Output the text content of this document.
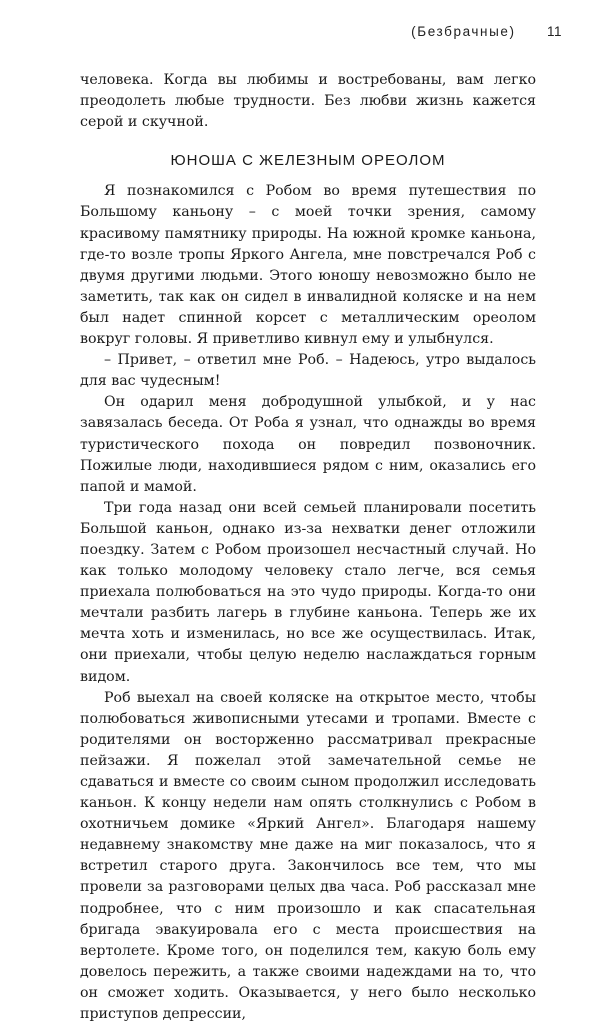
(Безбрачные) 11

человека. Когда вы любимы и востребованы, вам легко преодолеть любые трудности. Без любви жизнь кажется серой и скучной.

ЮНОША С ЖЕЛЕЗНЫМ ОРЕОЛОМ

Я познакомился с Робом во время путешествия по Большому каньону – с моей точки зрения, самому красивому памятнику природы. На южной кромке каньона, где-то возле тропы Яркого Ангела, мне повстречался Роб с двумя другими людьми. Этого юношу невозможно было не заметить, так как он сидел в инвалидной коляске и на нем был надет спинной корсет с металлическим ореолом вокруг головы. Я приветливо кивнул ему и улыбнулся.

– Привет, – ответил мне Роб. – Надеюсь, утро выдалось для вас чудесным!

Он одарил меня добродушной улыбкой, и у нас завязалась беседа. От Роба я узнал, что однажды во время туристического похода он повредил позвоночник. Пожилые люди, находившиеся рядом с ним, оказались его папой и мамой.

Три года назад они всей семьей планировали посетить Большой каньон, однако из-за нехватки денег отложили поездку. Затем с Робом произошел несчастный случай. Но как только молодому человеку стало легче, вся семья приехала полюбоваться на это чудо природы. Когда-то они мечтали разбить лагерь в глубине каньона. Теперь же их мечта хоть и изменилась, но все же осуществилась. Итак, они приехали, чтобы целую неделю наслаждаться горным видом.

Роб выехал на своей коляске на открытое место, чтобы полюбоваться живописными утесами и тропами. Вместе с родителями он восторженно рассматривал прекрасные пейзажи. Я пожелал этой замечательной семье не сдаваться и вместе со своим сыном продолжил исследовать каньон. К концу недели нам опять столкнулись с Робом в охотничьем домике «Яркий Ангел». Благодаря нашему недавнему знакомству мне даже на миг показалось, что я встретил старого друга. Закончилось все тем, что мы провели за разговорами целых два часа. Роб рассказал мне подробнее, что с ним произошло и как спасательная бригада эвакуировала его с места происшествия на вертолете. Кроме того, он поделился тем, какую боль ему довелось пережить, а также своими надеждами на то, что он сможет ходить. Оказывается, у него было несколько приступов депрессии,
